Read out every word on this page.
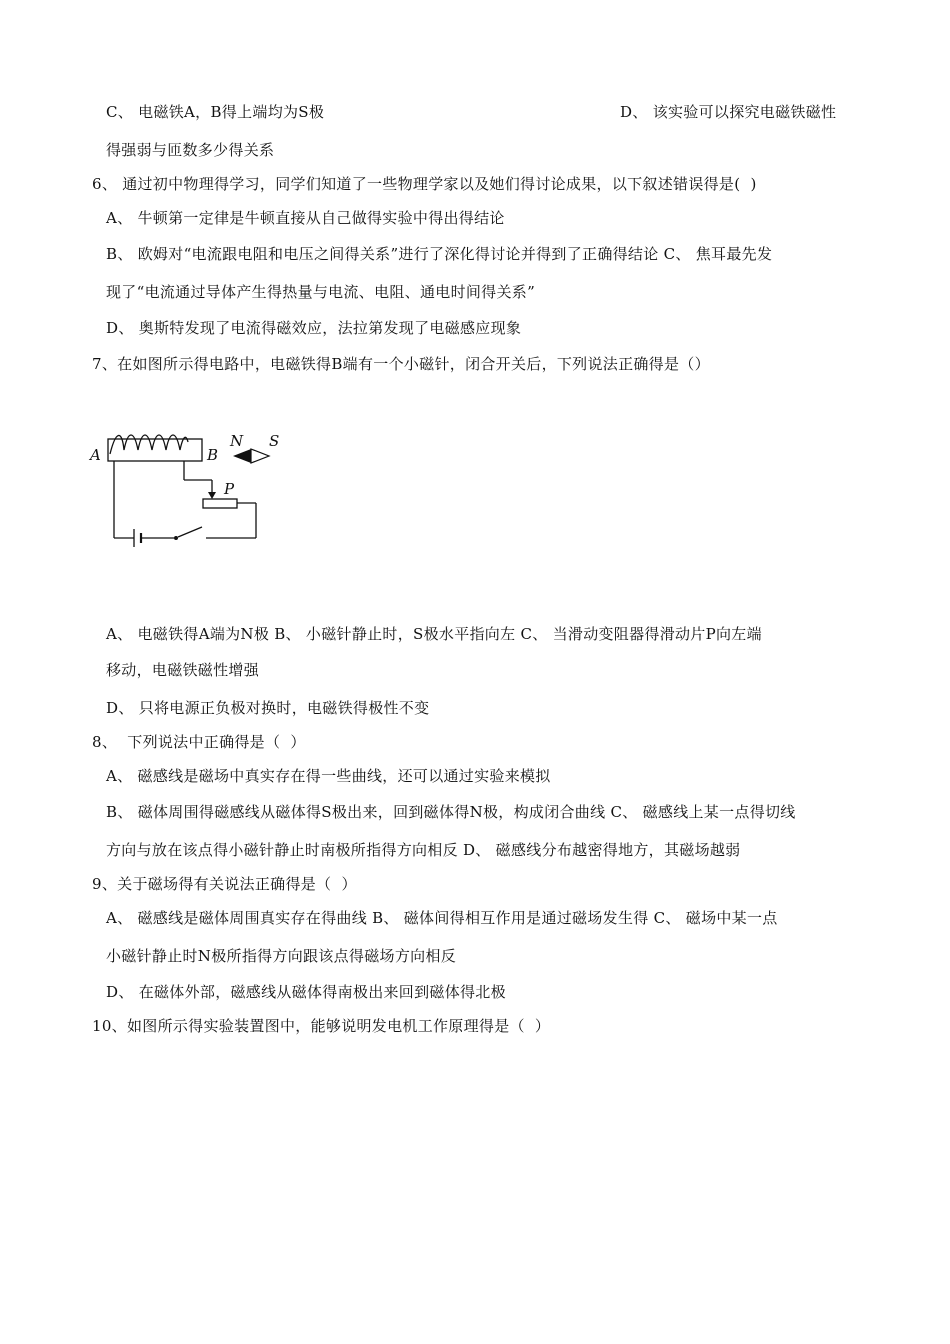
C、 电磁铁A，B得上端均为S极	D、 该实验可以探究电磁铁磁性
得强弱与匝数多少得关系
6、 通过初中物理得学习，同学们知道了一些物理学家以及她们得讨论成果，以下叙述错误得是(  )
A、 牛顿第一定律是牛顿直接从自己做得实验中得出得结论
B、 欧姆对“电流跟电阻和电压之间得关系”进行了深化得讨论并得到了正确得结论 C、 焦耳最先发
现了“电流通过导体产生得热量与电流、电阻、通电时间得关系”
D、 奥斯特发现了电流得磁效应，法拉第发现了电磁感应现象
7、在如图所示得电路中，电磁铁得B端有一个小磁针，闭合开关后，下列说法正确得是（）
A	B
N S
P
A、 电磁铁得A端为N极 B、 小磁针静止时，S极水平指向左 C、 当滑动变阻器得滑动片P向左端
移动，电磁铁磁性增强
D、 只将电源正负极对换时，电磁铁得极性不变
8、  下列说法中正确得是（  ）
A、 磁感线是磁场中真实存在得一些曲线，还可以通过实验来模拟
B、 磁体周围得磁感线从磁体得S极出来，回到磁体得N极，构成闭合曲线 C、 磁感线上某一点得切线
方向与放在该点得小磁针静止时南极所指得方向相反 D、 磁感线分布越密得地方，其磁场越弱
9、关于磁场得有关说法正确得是（  ）
A、 磁感线是磁体周围真实存在得曲线 B、 磁体间得相互作用是通过磁场发生得 C、 磁场中某一点
小磁针静止时N极所指得方向跟该点得磁场方向相反
D、 在磁体外部，磁感线从磁体得南极出来回到磁体得北极
10、如图所示得实验装置图中，能够说明发电机工作原理得是（  ）
